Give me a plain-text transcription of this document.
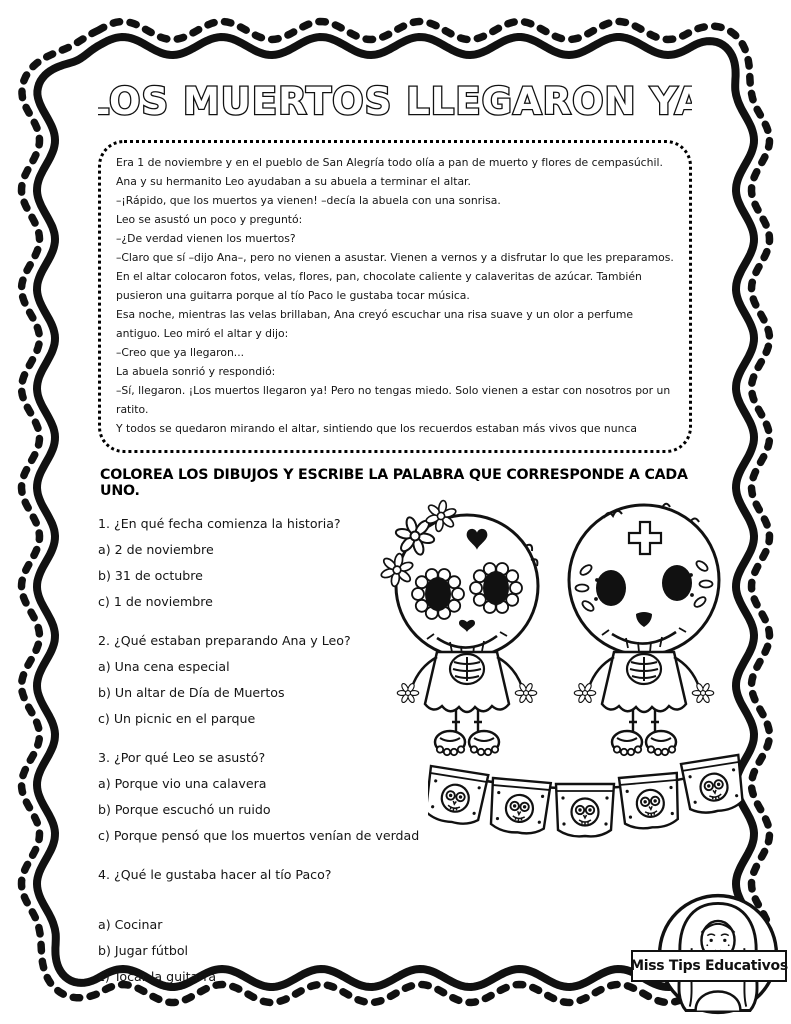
LOS MUERTOS LLEGARON YA

Era 1 de noviembre y en el pueblo de San Alegría todo olía a pan de muerto y flores de cempasúchil. Ana y su hermanito Leo ayudaban a su abuela a terminar el altar.

–¡Rápido, que los muertos ya vienen! –decía la abuela con una sonrisa.

Leo se asustó un poco y preguntó:

–¿De verdad vienen los muertos?

–Claro que sí –dijo Ana–, pero no vienen a asustar. Vienen a vernos y a disfrutar lo que les preparamos.

En el altar colocaron fotos, velas, flores, pan, chocolate caliente y calaveritas de azúcar. También pusieron una guitarra porque al tío Paco le gustaba tocar música.

Esa noche, mientras las velas brillaban, Ana creyó escuchar una risa suave y un olor a perfume antiguo. Leo miró el altar y dijo:

–Creo que ya llegaron...

La abuela sonrió y respondió:

–Sí, llegaron. ¡Los muertos llegaron ya! Pero no tengas miedo. Solo vienen a estar con nosotros por un ratito.

Y todos se quedaron mirando el altar, sintiendo que los recuerdos estaban más vivos que nunca

COLOREA LOS DIBUJOS Y ESCRIBE LA PALABRA QUE CORRESPONDE A CADA UNO.
1. ¿En qué fecha comienza la historia?
a) 2 de noviembre
b) 31 de octubre
c) 1 de noviembre
2. ¿Qué estaban preparando Ana y Leo?
a) Una cena especial
b) Un altar de Día de Muertos
c) Un picnic en el parque
3. ¿Por qué Leo se asustó?
a) Porque vio una calavera
b) Porque escuchó un ruido
c) Porque pensó que los muertos venían de verdad
4. ¿Qué le gustaba hacer al tío Paco?
a) Cocinar
b) Jugar fútbol
c) Tocar la guitarra
Miss Tips Educativos
